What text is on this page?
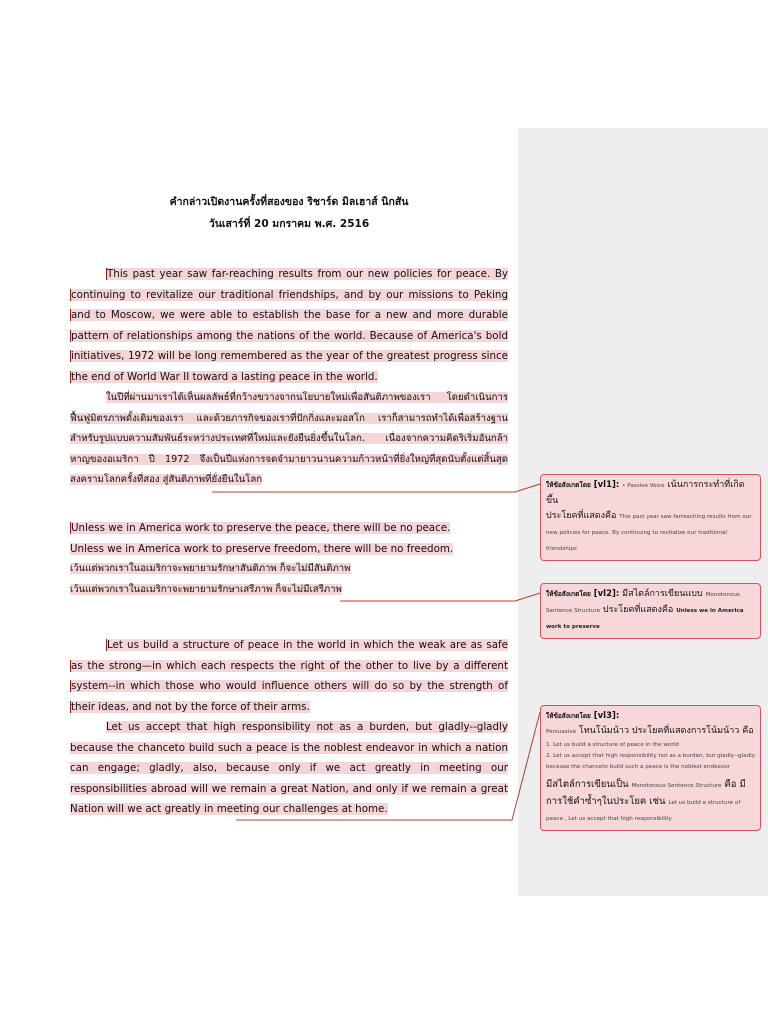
คำกล่าวเปิดงานครั้งที่สองของ ริชาร์ด มิลเฮาส์ นิกสัน
วันเสาร์ที่ 20 มกราคม พ.ศ. 2516
This past year saw far-reaching results from our new policies for peace. By continuing to revitalize our traditional friendships, and by our missions to Peking and to Moscow, we were able to establish the base for a new and more durable pattern of relationships among the nations of the world. Because of America's bold initiatives, 1972 will be long remembered as the year of the greatest progress since the end of World War II toward a lasting peace in the world.
ในปีที่ผ่านมาเราได้เห็นผลลัพธ์ที่กว้างขวางจากนโยบายใหม่เพื่อสันติภาพของเรา โดยดำเนินการฟื้นฟูมิตรภาพดั้งเดิมของเรา และด้วยภารกิจของเราที่ปักกิ่งและมอสโก เราก็สามารถทำได้เพื่อสร้างฐานสำหรับรูปแบบความสัมพันธ์ระหว่างประเทศที่ใหม่และยังยืนยิ่งขึ้นในโลก. เนื่องจากความคิดริเริ่มอันกล้าหาญของอเมริกา ปี 1972 จึงเป็นปีแห่งการจดจำมายาวนานความก้าวหน้าที่ยิ่งใหญ่ที่สุดนับตั้งแต่สิ้นสุดสงครามโลกครั้งที่สอง สู่สันติภาพที่ยั่งยืนในโลก
Unless we in America work to preserve the peace, there will be no peace.
Unless we in America work to preserve freedom, there will be no freedom.
เว้นแต่พวกเราในอเมริกาจะพยายามรักษาสันติภาพ ก็จะไม่มีสันติภาพ
เว้นแต่พวกเราในอเมริกาจะพยายามรักษาเสรีภาพ ก็จะไม่มีเสรีภาพ
Let us build a structure of peace in the world in which the weak are as safe as the strong—in which each respects the right of the other to live by a different system--in which those who would influence others will do so by the strength of their ideas, and not by the force of their arms.
Let us accept that high responsibility not as a burden, but gladly--gladly because the chanceto build such a peace is the noblest endeavor in which a nation can engage; gladly, also, because only if we act greatly in meeting our responsibilities abroad will we remain a great Nation, and only if we remain a great Nation will we act greatly in meeting our challenges at home.
ให้ข้อสังเกตโดย [vl1]: • Passive Voice เน้นการกระทำที่เกิดขึ้น
ประโยคที่แสดงคือ This past year saw farreaching results from our new policies for peace. By continuing to revitalize our traditional friendships
ให้ข้อสังเกตโดย [vl2]: มีสไตล์การเขียนแบบ Monotonous Sentence Structure ประโยคที่แสดงคือ Unless we in America work to preserve
ให้ข้อสังเกตโดย [vl3]:
Persuasive โทนโน้มน้าว ประโยคที่แสดงการโน้มน้าว คือ
1. Let us build a structure of peace in the world
2. Let us accept that high responsibility not as a burden, but gladly--gladly because the chanceto build such a peace is the noblest endeavor
มีสไตล์การเขียนเป็น Monotonous Sentence Structure คือ มีการใช้คำซ้ำๆในประโยค เช่น Let us build a structure of peace , Let us accept that high responsibility
